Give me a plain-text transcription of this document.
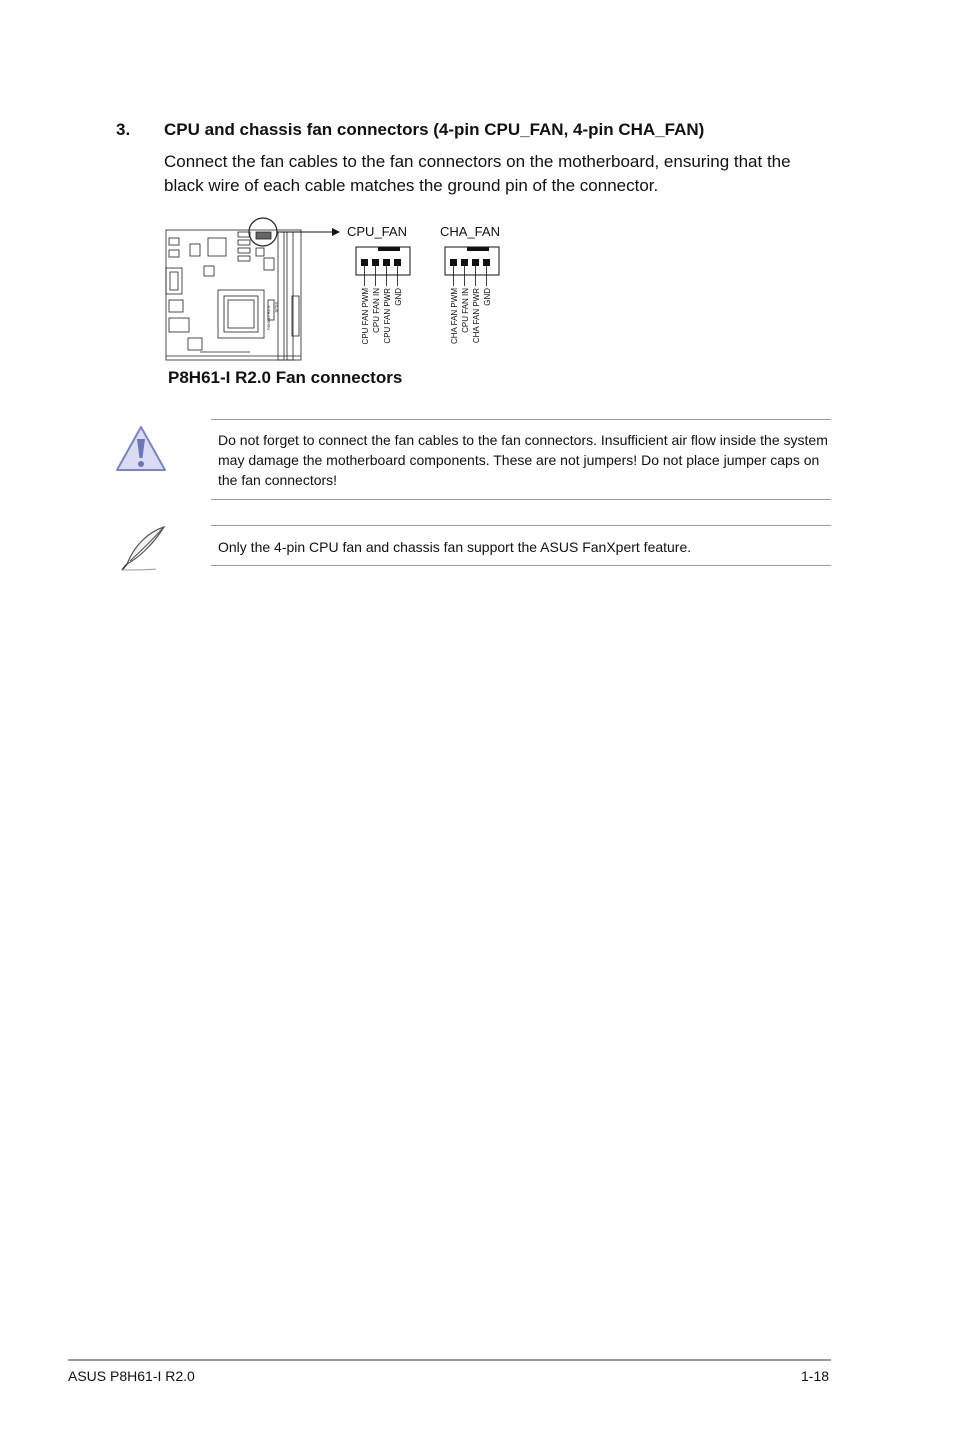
3. CPU and chassis fan connectors (4-pin CPU_FAN, 4-pin CHA_FAN)
Connect the fan cables to the fan connectors on the motherboard, ensuring that the black wire of each cable matches the ground pin of the connector.
/ISUS
P8H61-I R2.0
CPU_FAN
CPU FAN PWM CPU FAN IN CPU FAN PWR GND
CHA_FAN
CHA FAN PWM CPU FAN IN CHA FAN PWR GND
P8H61-I R2.0 Fan connectors
Do not forget to connect the fan cables to the fan connectors. Insufficient air flow inside the system may damage the motherboard components. These are not jumpers! Do not place jumper caps on the fan connectors!
Only the 4-pin CPU fan and chassis fan support the ASUS FanXpert feature.
ASUS P8H61-I R2.0	1-18
